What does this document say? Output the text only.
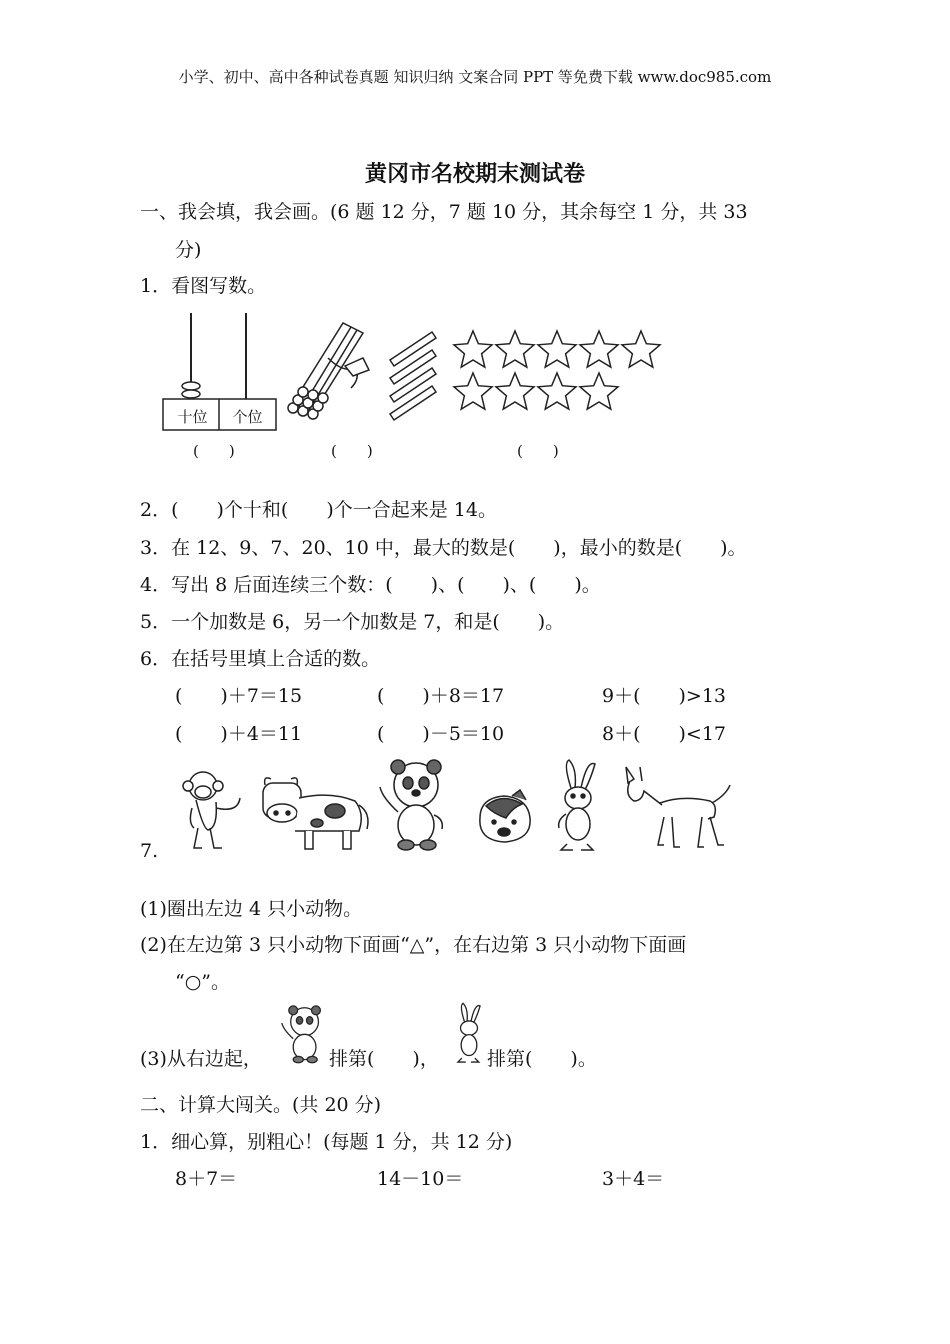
小学、初中、高中各种试卷真题 知识归纳 文案合同 PPT 等免费下载 www.doc985.com
黄冈市名校期末测试卷
一、我会填，我会画。(6 题 12 分，7 题 10 分，其余每空 1 分，共 33
分)
1．看图写数。
十位	个位
(　　)	(　　)	(　　)
2．(　　)个十和(　　)个一合起来是 14。
3．在 12、9、7、20、10 中，最大的数是(　　)，最小的数是(　　)。
4．写出 8 后面连续三个数：(　　)、(　　)、(　　)。
5．一个加数是 6，另一个加数是 7，和是(　　)。
6．在括号里填上合适的数。
(　　)＋7＝15	(　　)＋8＝17	9＋(　　)>13
(　　)＋4＝11	(　　)－5＝10	8＋(　　)<17
7.
(1)圈出左边 4 只小动物。
(2)在左边第 3 只小动物下面画“△”，在右边第 3 只小动物下面画
“○”。
(3)从右边起，	排第(　　)，	排第(　　)。
二、计算大闯关。(共 20 分)
1．细心算，别粗心！(每题 1 分，共 12 分)
8＋7＝	14－10＝	3＋4＝
